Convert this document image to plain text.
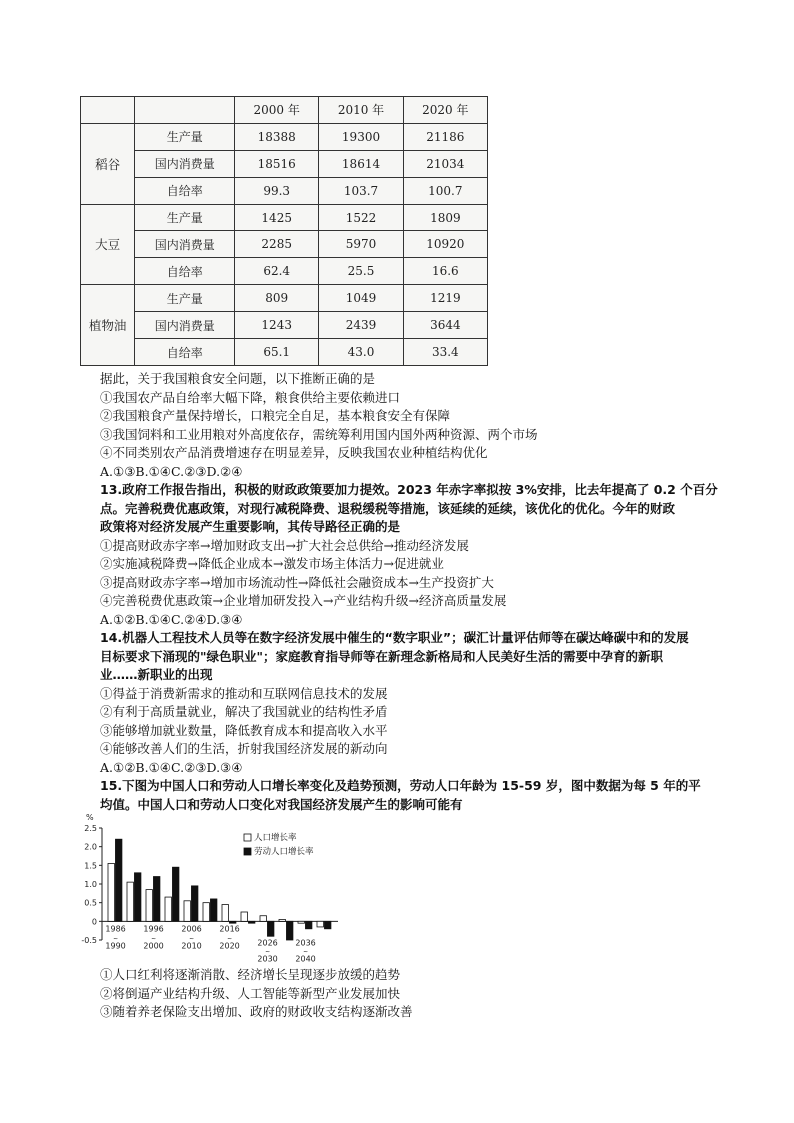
		2000 年	2010 年	2020 年
稻谷	生产量	18388	19300	21186
	国内消费量	18516	18614	21034
	自给率	99.3	103.7	100.7
大豆	生产量	1425	1522	1809
	国内消费量	2285	5970	10920
	自给率	62.4	25.5	16.6
植物油	生产量	809	1049	1219
	国内消费量	1243	2439	3644
	自给率	65.1	43.0	33.4
据此，关于我国粮食安全问题，以下推断正确的是
①我国农产品自给率大幅下降，粮食供给主要依赖进口
②我国粮食产量保持增长，口粮完全自足，基本粮食安全有保障
③我国饲料和工业用粮对外高度依存，需统筹利用国内国外两种资源、两个市场
④不同类别农产品消费增速存在明显差异，反映我国农业种植结构优化
A.①③B.①④C.②③D.②④
13.政府工作报告指出，积极的财政政策要加力提效。2023 年赤字率拟按 3%安排，比去年提高了 0.2 个百分
点。完善税费优惠政策，对现行减税降费、退税缓税等措施，该延续的延续，该优化的优化。今年的财政
政策将对经济发展产生重要影响，其传导路径正确的是
①提高财政赤字率→增加财政支出→扩大社会总供给→推动经济发展
②实施减税降费→降低企业成本→激发市场主体活力→促进就业
③提高财政赤字率→增加市场流动性→降低社会融资成本→生产投资扩大
④完善税费优惠政策→企业增加研发投入→产业结构升级→经济高质量发展
A.①②B.①④C.②④D.③④
14.机器人工程技术人员等在数字经济发展中催生的“数字职业”；碳汇计量评估师等在碳达峰碳中和的发展
目标要求下涌现的"绿色职业"；家庭教育指导师等在新理念新格局和人民美好生活的需要中孕育的新职
业……新职业的出现
①得益于消费新需求的推动和互联网信息技术的发展
②有利于高质量就业，解决了我国就业的结构性矛盾
③能够增加就业数量，降低教育成本和提高收入水平
④能够改善人们的生活，折射我国经济发展的新动向
A.①②B.①④C.②③D.③④
15.下图为中国人口和劳动人口增长率变化及趋势预测，劳动人口年龄为 15-59 岁，图中数据为每 5 年的平
均值。中国人口和劳动人口变化对我国经济发展产生的影响可能有
%
2.5
2.0
1.5
1.0
0.5
0
-0.5
1986
~
1990
1996
~
2000
2006
~
2010
2016
~
2020 2026
~
2030
2036
~
2040
人口增长率
劳动人口增长率
①人口红利将逐渐消散、经济增长呈现逐步放缓的趋势
②将倒逼产业结构升级、人工智能等新型产业发展加快
③随着养老保险支出增加、政府的财政收支结构逐渐改善
